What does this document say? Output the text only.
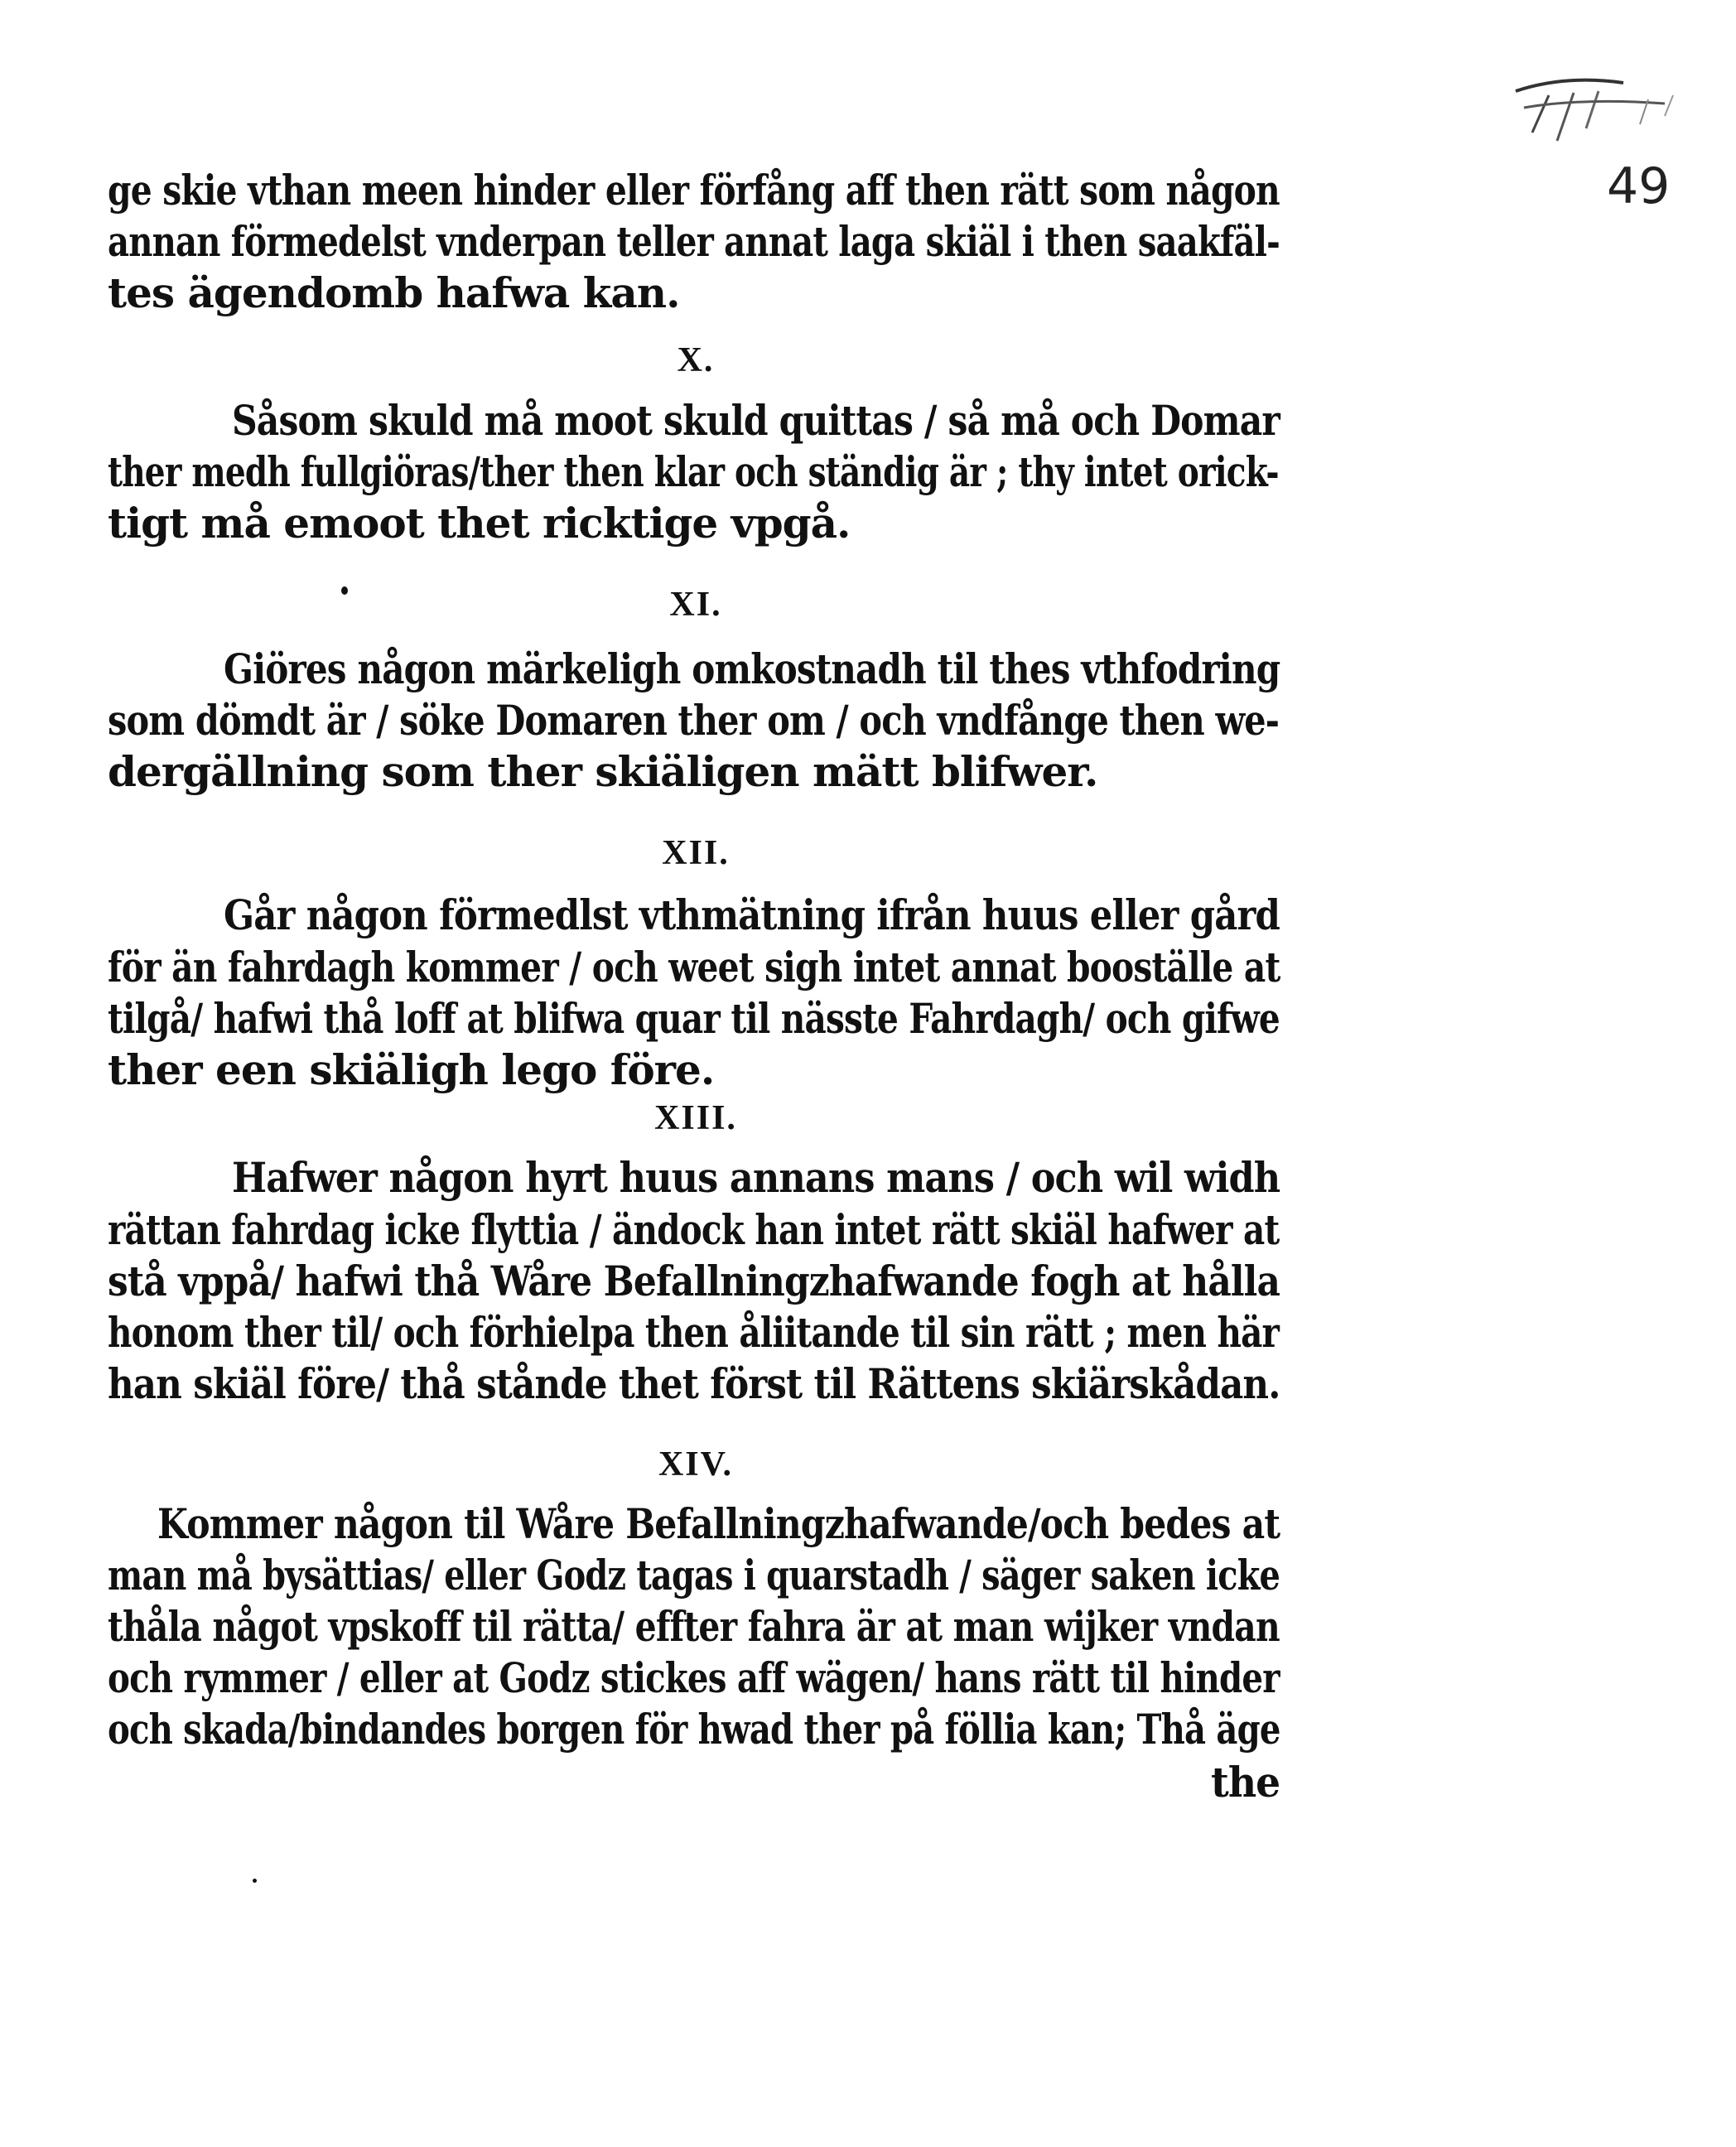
49
ge skie vthan meen hinder eller förfång aff then rätt som någon
annan förmedelst vnderpan teller annat laga skiäl i then saakfäl-
tes ägendomb hafwa kan.
X.
Såsom skuld må moot skuld quittas / så må och Domar
ther medh fullgiöras/ther then klar och ständig är ; thy intet orick-
tigt må emoot thet ricktige vpgå.
XI.
Giöres någon märkeligh omkostnadh til thes vthfodring
som dömdt är / söke Domaren ther om / och vndfånge then we-
dergällning som ther skiäligen mätt blifwer.
XII.
Går någon förmedlst vthmätning ifrån huus eller gård
för än fahrdagh kommer / och weet sigh intet annat booställe at
tilgå/ hafwi thå loff at blifwa quar til nässte Fahrdagh/ och gifwe
ther een skiäligh lego före.
XIII.
Hafwer någon hyrt huus annans mans / och wil widh
rättan fahrdag icke flyttia / ändock han intet rätt skiäl hafwer at
stå vppå/ hafwi thå Wåre Befallningzhafwande fogh at hålla
honom ther til/ och förhielpa then åliitande til sin rätt ; men här
han skiäl före/ thå stånde thet först til Rättens skiärskådan.
XIV.
Kommer någon til Wåre Befallningzhafwande/och bedes at
man må bysättias/ eller Godz tagas i quarstadh / säger saken icke
thåla något vpskoff til rätta/ effter fahra är at man wijker vndan
och rymmer / eller at Godz stickes aff wägen/ hans rätt til hinder
och skada/bindandes borgen för hwad ther på föllia kan; Thå äge
the
